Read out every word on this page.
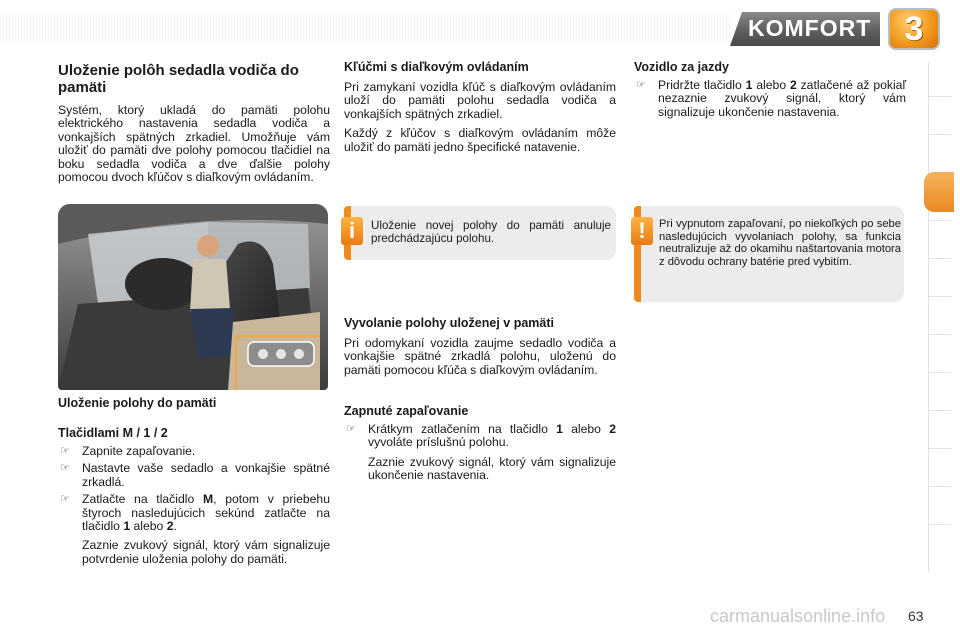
KOMFORT 3
Uloženie polôh sedadla vodiča do pamäti

Systém, ktorý ukladá do pamäti polohu elektrického nastavenia sedadla vodiča a vonkajších spätných zrkadiel. Umožňuje vám uložiť do pamäti dve polohy pomocou tlačidiel na boku sedadla vodiča a dve ďalšie polohy pomocou dvoch kľúčov s diaľkovým ovládaním.

Uloženie polohy do pamäti
Tlačidlami M / 1 / 2
☞ Zapnite zapaľovanie.
☞ Nastavte vaše sedadlo a vonkajšie spätné zrkadlá.
☞ Zatlačte na tlačidlo M, potom v priebehu štyroch nasledujúcich sekúnd zatlačte na tlačidlo 1 alebo 2.
Zaznie zvukový signál, ktorý vám signalizuje potvrdenie uloženia polohy do pamäti.
Kľúčmi s diaľkovým ovládaním

Pri zamykaní vozidla kľúč s diaľkovým ovládaním uloží do pamäti polohu sedadla vodiča a vonkajších spätných zrkadiel.

Každý z kľúčov s diaľkovým ovládaním môže uložiť do pamäti jedno špecifické natavenie.

Uloženie novej polohy do pamäti anuluje predchádzajúcu polohu.
i
Vyvolanie polohy uloženej v pamäti

Pri odomykaní vozidla zaujme sedadlo vodiča a vonkajšie spätné zrkadlá polohu, uloženú do pamäti pomocou kľúča s diaľkovým ovládaním.

Zapnuté zapaľovanie
☞ Krátkym zatlačením na tlačidlo 1 alebo 2 vyvoláte príslušnú polohu.
Zaznie zvukový signál, ktorý vám signalizuje ukončenie nastavenia.
Vozidlo za jazdy
☞ Pridržte tlačidlo 1 alebo 2 zatlačené až pokiaľ nezaznie zvukový signál, ktorý vám signalizuje ukončenie nastavenia.
Pri vypnutom zapaľovaní, po niekoľkých po sebe nasledujúcich vyvolaniach polohy, sa funkcia neutralizuje až do okamihu naštartovania motora z dôvodu ochrany batérie pred vybitím.
!
carmanualsonline.info 63
